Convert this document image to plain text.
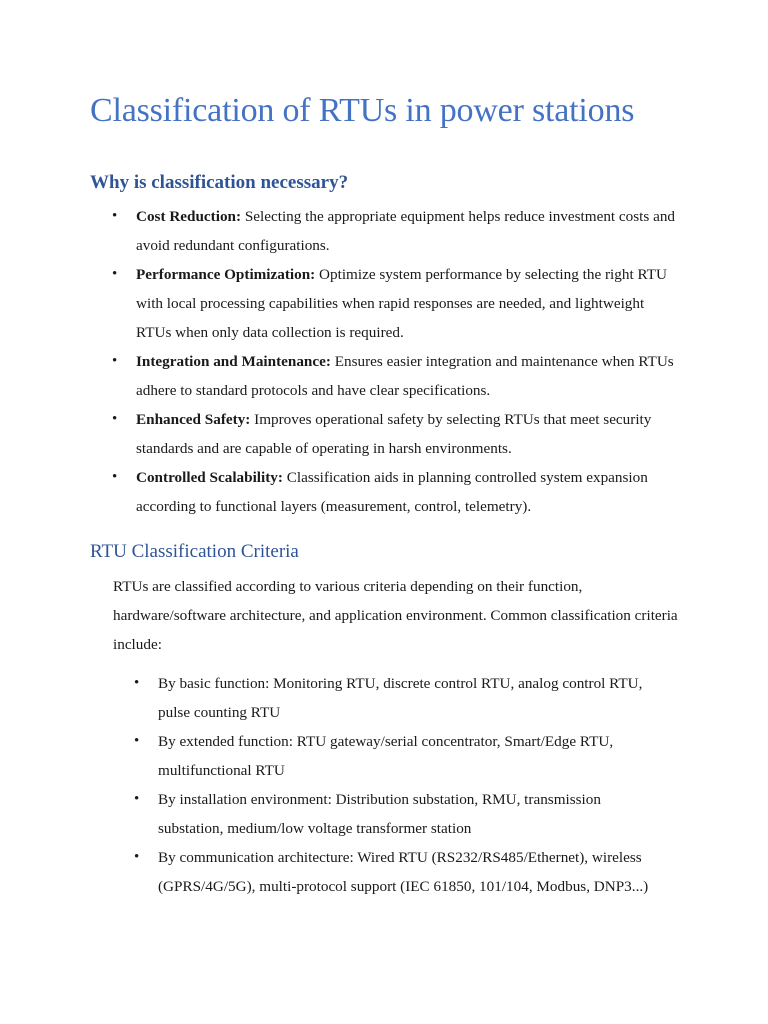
Classification of RTUs in power stations
Why is classification necessary?
• Cost Reduction: Selecting the appropriate equipment helps reduce investment costs and avoid redundant configurations.
• Performance Optimization: Optimize system performance by selecting the right RTU with local processing capabilities when rapid responses are needed, and lightweight RTUs when only data collection is required.
• Integration and Maintenance: Ensures easier integration and maintenance when RTUs adhere to standard protocols and have clear specifications.
• Enhanced Safety: Improves operational safety by selecting RTUs that meet security standards and are capable of operating in harsh environments.
• Controlled Scalability: Classification aids in planning controlled system expansion according to functional layers (measurement, control, telemetry).
RTU Classification Criteria

RTUs are classified according to various criteria depending on their function, hardware/software architecture, and application environment. Common classification criteria include:

• By basic function: Monitoring RTU, discrete control RTU, analog control RTU, pulse counting RTU
• By extended function: RTU gateway/serial concentrator, Smart/Edge RTU, multifunctional RTU
• By installation environment: Distribution substation, RMU, transmission substation, medium/low voltage transformer station
• By communication architecture: Wired RTU (RS232/RS485/Ethernet), wireless (GPRS/4G/5G), multi-protocol support (IEC 61850, 101/104, Modbus, DNP3...)
